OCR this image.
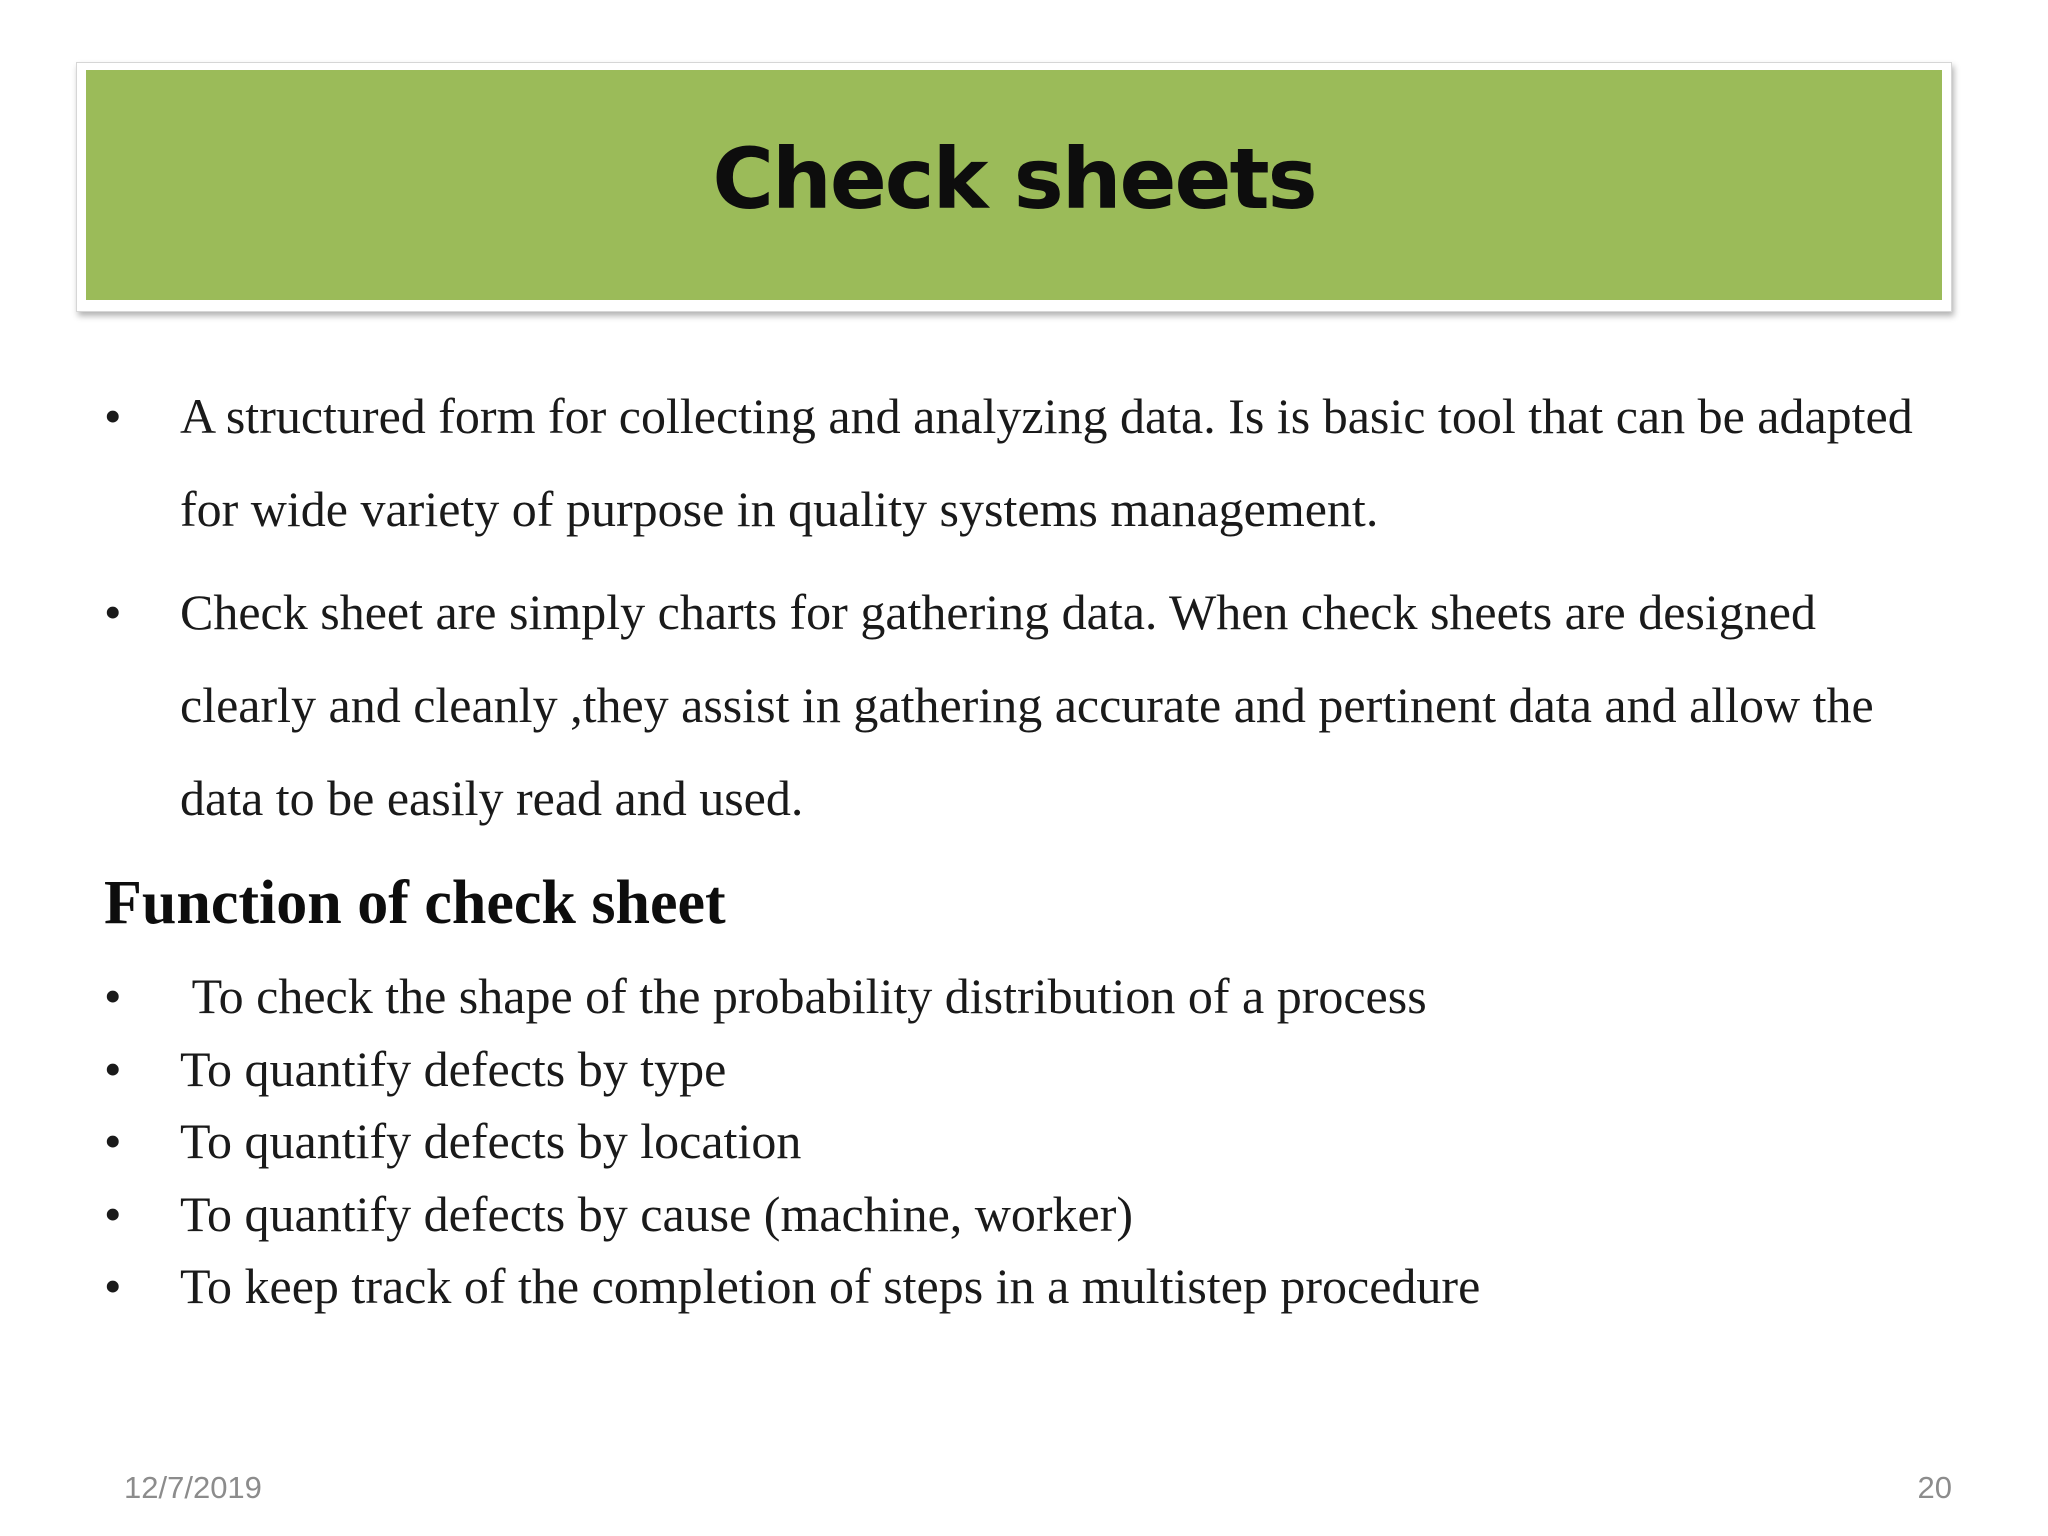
Check sheets
•	A structured form for collecting and analyzing data. Is is basic tool that can be adapted for wide variety of purpose in quality systems management.
•	Check sheet are simply charts for gathering data. When check sheets are designed clearly and cleanly ,they assist in gathering accurate and pertinent data and allow the data to be easily read and used.
Function of check sheet
•	To check the shape of the probability distribution of a process
•	To quantify defects by type
•	To quantify defects by location
•	To quantify defects by cause (machine, worker)
•	To keep track of the completion of steps in a multistep procedure
12/7/2019	20
